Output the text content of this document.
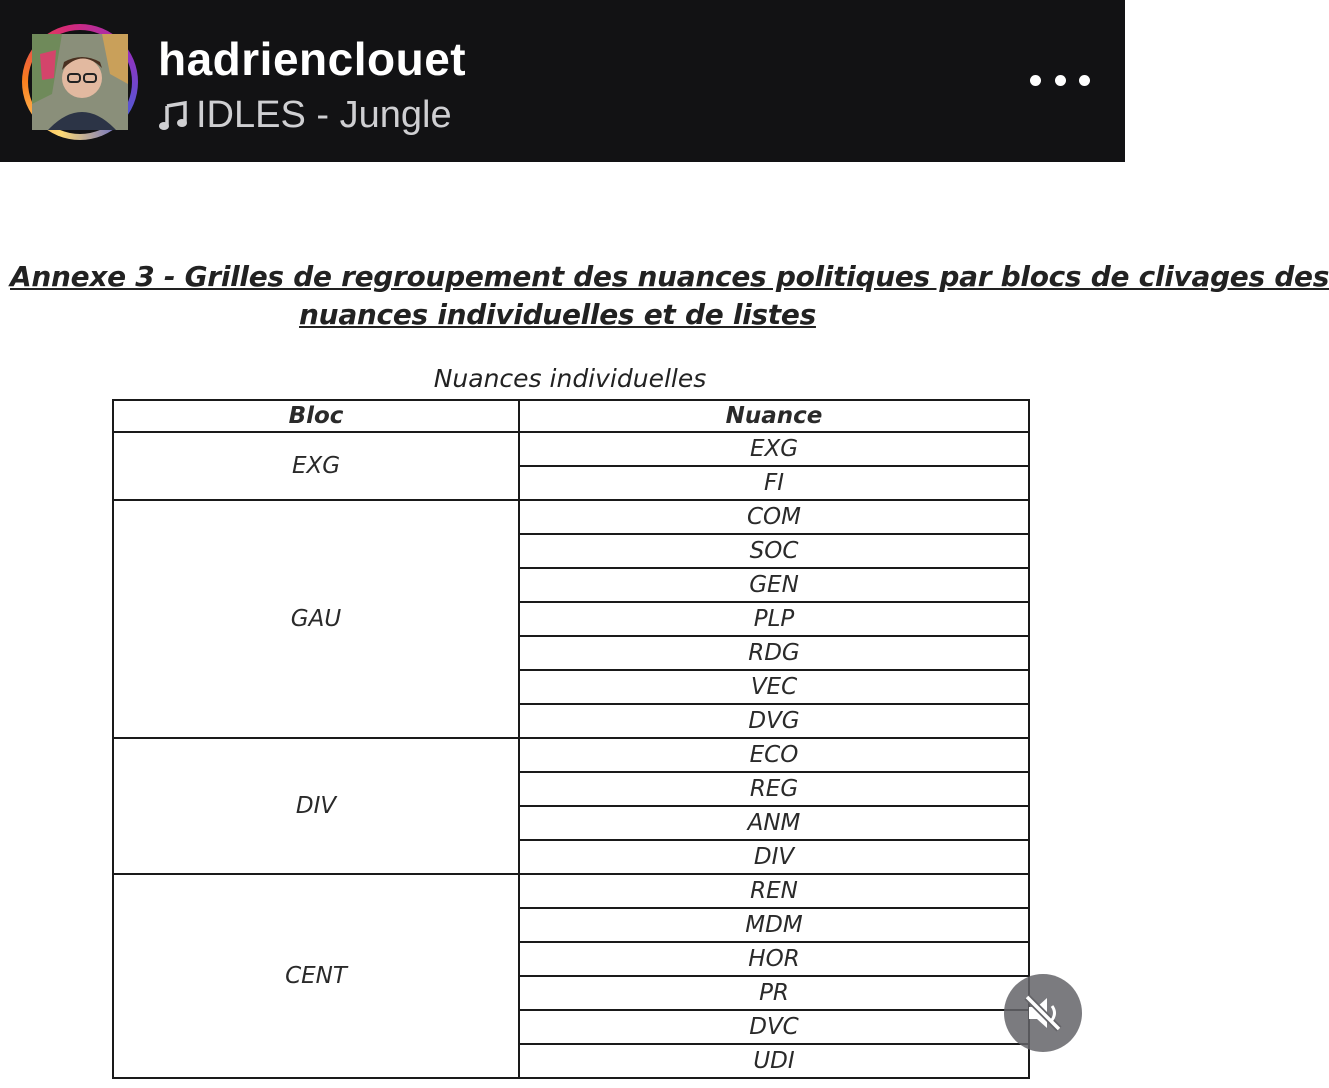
hadrienclouet
IDLES - Jungle
Annexe 3 - Grilles de regroupement des nuances politiques par blocs de clivages des
nuances individuelles et de listes
Nuances individuelles
Bloc	Nuance
EXG	EXG
	FI
GAU	COM
	SOC
	GEN
	PLP
	RDG
	VEC
	DVG
DIV	ECO
	REG
	ANM
	DIV
CENT	REN
	MDM
	HOR
	PR
	DVC
	UDI
